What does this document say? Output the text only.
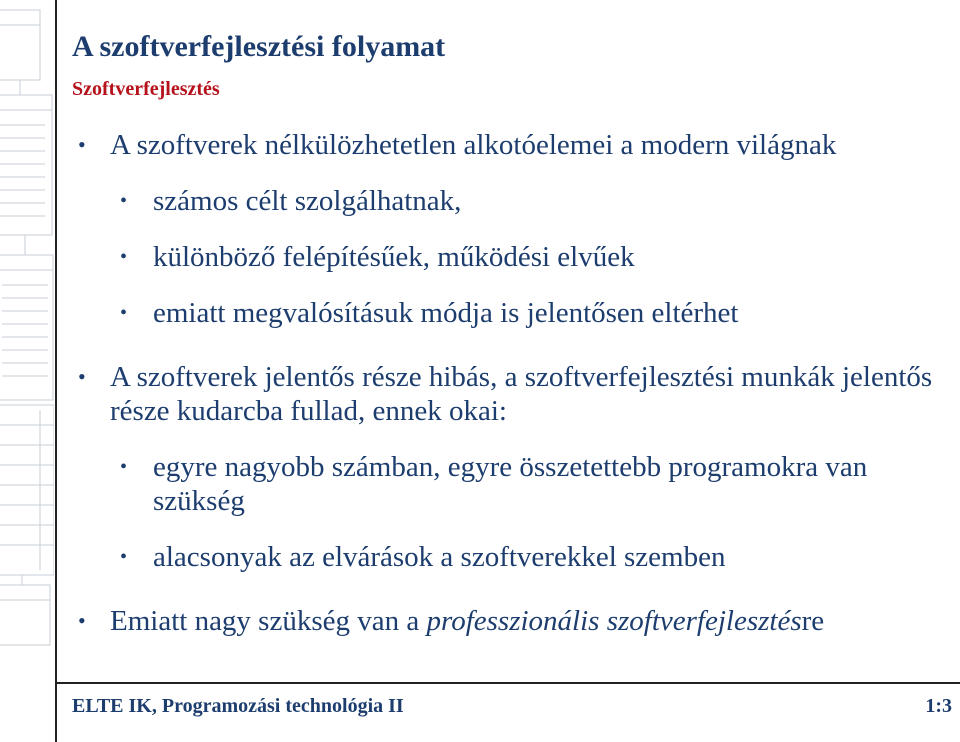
A szoftverfejlesztési folyamat
Szoftverfejlesztés
• A szoftverek nélkülözhetetlen alkotóelemei a modern világnak
• számos célt szolgálhatnak,
• különböző felépítésűek, működési elvűek
• emiatt megvalósításuk módja is jelentősen eltérhet
• A szoftverek jelentős része hibás, a szoftverfejlesztési munkák jelentős része kudarcba fullad, ennek okai:
• egyre nagyobb számban, egyre összetettebb programokra van szükség
• alacsonyak az elvárások a szoftverekkel szemben
• Emiatt nagy szükség van a professzionális szoftverfejlesztésre
ELTE IK, Programozási technológia II	1:3
